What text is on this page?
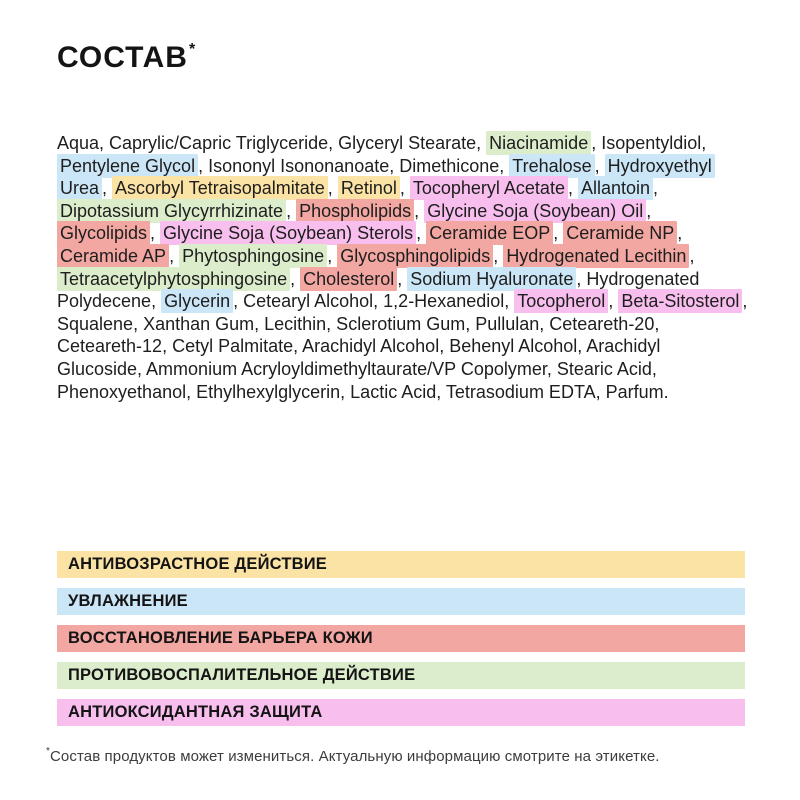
СОСТАВ*
Aqua, Caprylic/Capric Triglyceride, Glyceryl Stearate, Niacinamide , Isopentyldiol,
Pentylene Glycol , Isononyl Isononanoate, Dimethicone, Trehalose , Hydroxyethyl
Urea , Ascorbyl Tetraisopalmitate , Retinol , Tocopheryl Acetate , Allantoin ,
Dipotassium Glycyrrhizinate , Phospholipids , Glycine Soja (Soybean) Oil ,
Glycolipids , Glycine Soja (Soybean) Sterols , Ceramide EOP , Ceramide NP ,
Ceramide AP , Phytosphingosine , Glycosphingolipids , Hydrogenated Lecithin ,
Tetraacetylphytosphingosine , Cholesterol , Sodium Hyaluronate , Hydrogenated
Polydecene, Glycerin , Cetearyl Alcohol, 1,2-Hexanediol, Tocopherol , Beta-Sitosterol ,
Squalene, Xanthan Gum, Lecithin, Sclerotium Gum, Pullulan, Ceteareth-20,
Ceteareth-12, Cetyl Palmitate, Arachidyl Alcohol, Behenyl Alcohol, Arachidyl
Glucoside, Ammonium Acryloyldimethyltaurate/VP Copolymer, Stearic Acid,
Phenoxyethanol, Ethylhexylglycerin, Lactic Acid, Tetrasodium EDTA, Parfum.
АНТИВОЗРАСТНОЕ ДЕЙСТВИЕ
УВЛАЖНЕНИЕ
ВОССТАНОВЛЕНИЕ БАРЬЕРА КОЖИ
ПРОТИВОВОСПАЛИТЕЛЬНОЕ ДЕЙСТВИЕ
АНТИОКСИДАНТНАЯ ЗАЩИТА
*Состав продуктов может измениться. Актуальную информацию смотрите на этикетке.
